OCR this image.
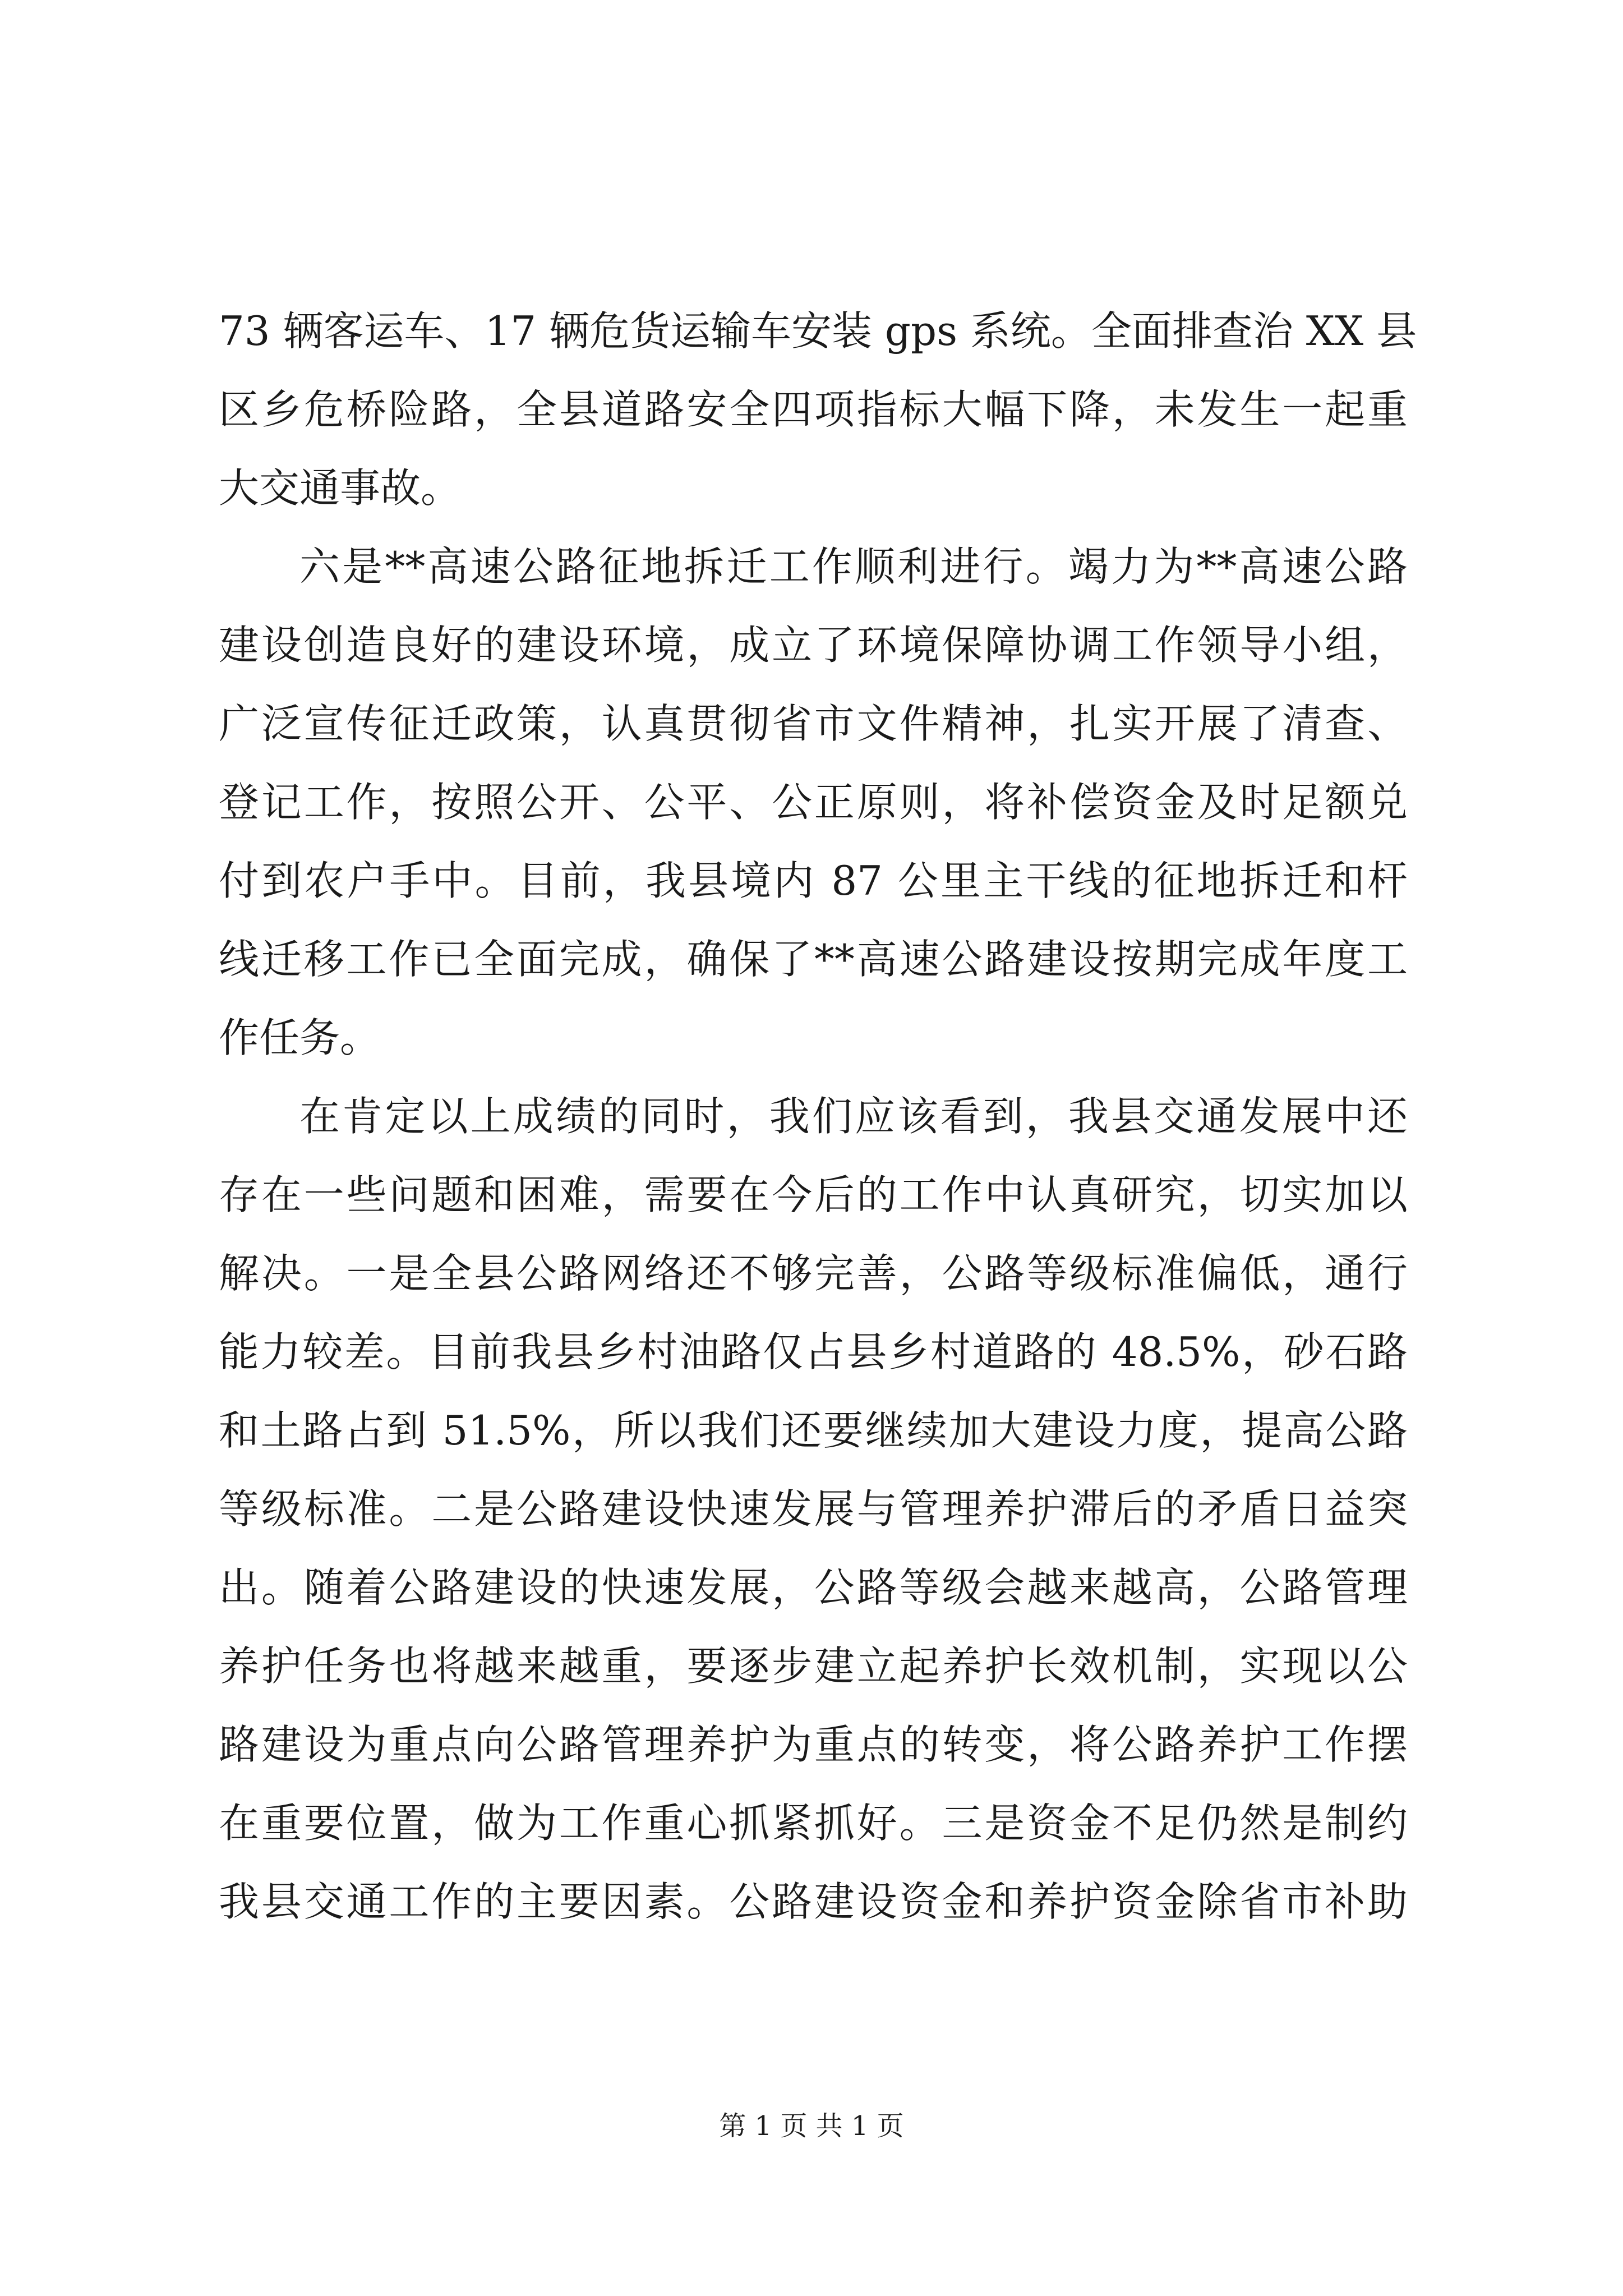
73 辆客运车、17 辆危货运输车安装 gps 系统。全面排查治 XX 县
区乡危桥险路，全县道路安全四项指标大幅下降，未发生一起重
大交通事故。
六是**高速公路征地拆迁工作顺利进行。竭力为**高速公路
建设创造良好的建设环境，成立了环境保障协调工作领导小组，
广泛宣传征迁政策，认真贯彻省市文件精神，扎实开展了清查、
登记工作，按照公开、公平、公正原则，将补偿资金及时足额兑
付到农户手中。目前，我县境内 87 公里主干线的征地拆迁和杆
线迁移工作已全面完成，确保了**高速公路建设按期完成年度工
作任务。
在肯定以上成绩的同时，我们应该看到，我县交通发展中还
存在一些问题和困难，需要在今后的工作中认真研究，切实加以
解决。一是全县公路网络还不够完善，公路等级标准偏低，通行
能力较差。目前我县乡村油路仅占县乡村道路的 48.5%，砂石路
和土路占到 51.5%，所以我们还要继续加大建设力度，提高公路
等级标准。二是公路建设快速发展与管理养护滞后的矛盾日益突
出。随着公路建设的快速发展，公路等级会越来越高，公路管理
养护任务也将越来越重，要逐步建立起养护长效机制，实现以公
路建设为重点向公路管理养护为重点的转变，将公路养护工作摆
在重要位置，做为工作重心抓紧抓好。三是资金不足仍然是制约
我县交通工作的主要因素。公路建设资金和养护资金除省市补助
第 1 页 共 1 页
